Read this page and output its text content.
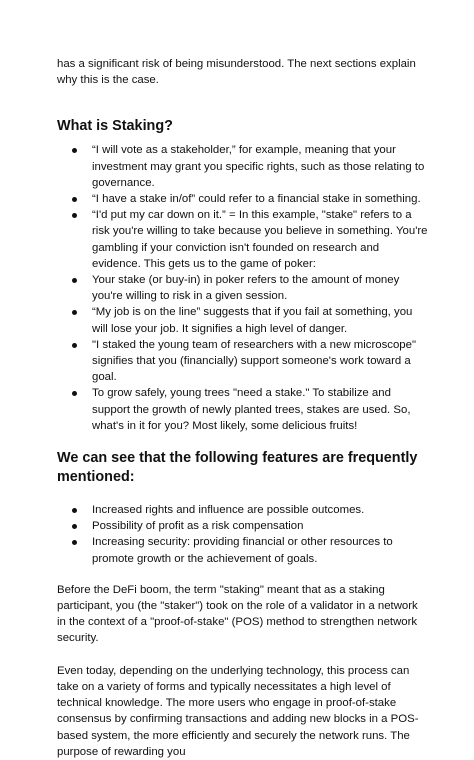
has a significant risk of being misunderstood. The next sections explain why this is the case.

What is Staking?
“I will vote as a stakeholder,” for example, meaning that your investment may grant you specific rights, such as those relating to governance.
“I have a stake in/of” could refer to a financial stake in something.
“I'd put my car down on it.” = In this example, "stake" refers to a risk you're willing to take because you believe in something. You're gambling if your conviction isn't founded on research and evidence. This gets us to the game of poker:
Your stake (or buy-in) in poker refers to the amount of money you're willing to risk in a given session.
“My job is on the line” suggests that if you fail at something, you will lose your job. It signifies a high level of danger.
"I staked the young team of researchers with a new microscope" signifies that you (financially) support someone's work toward a goal.
To grow safely, young trees "need a stake." To stabilize and support the growth of newly planted trees, stakes are used. So, what's in it for you? Most likely, some delicious fruits!
We can see that the following features are frequently mentioned:
Increased rights and influence are possible outcomes.
Possibility of profit as a risk compensation
Increasing security: providing financial or other resources to promote growth or the achievement of goals.

Before the DeFi boom, the term "staking" meant that as a staking participant, you (the "staker") took on the role of a validator in a network in the context of a "proof-of-stake" (POS) method to strengthen network security.

Even today, depending on the underlying technology, this process can take on a variety of forms and typically necessitates a high level of technical knowledge. The more users who engage in proof-of-stake consensus by confirming transactions and adding new blocks in a POS-based system, the more efficiently and securely the network runs. The purpose of rewarding you
